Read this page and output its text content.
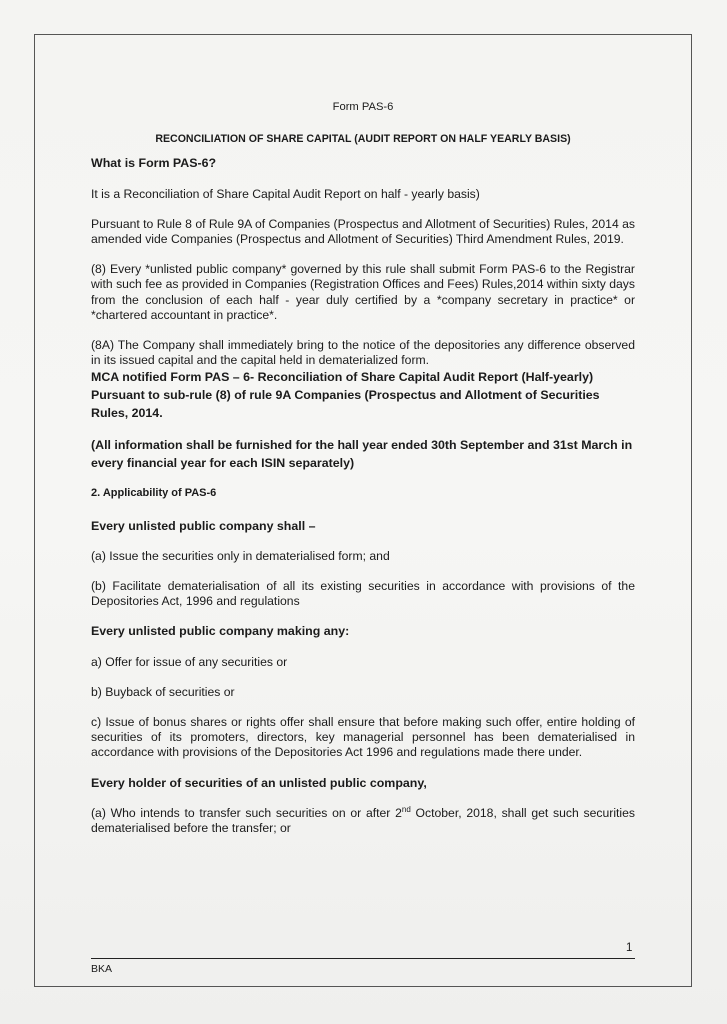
Form PAS-6
RECONCILIATION OF SHARE CAPITAL (AUDIT REPORT ON HALF YEARLY BASIS)
What is Form PAS-6?

It is a Reconciliation of Share Capital Audit Report on half - yearly basis)

Pursuant to Rule 8 of Rule 9A of Companies (Prospectus and Allotment of Securities) Rules, 2014 as amended vide Companies (Prospectus and Allotment of Securities) Third Amendment Rules, 2019.

(8) Every *unlisted public company* governed by this rule shall submit Form PAS-6 to the Registrar with such fee as provided in Companies (Registration Offices and Fees) Rules,2014 within sixty days from the conclusion of each half - year duly certified by a *company secretary in practice* or *chartered accountant in practice*.

(8A) The Company shall immediately bring to the notice of the depositories any difference observed in its issued capital and the capital held in dematerialized form.

MCA notified Form PAS – 6- Reconciliation of Share Capital Audit Report (Half-yearly) Pursuant to sub-rule (8) of rule 9A Companies (Prospectus and Allotment of Securities Rules, 2014.
(All information shall be furnished for the hall year ended 30th September and 31st March in every financial year for each ISIN separately)
2. Applicability of PAS-6
Every unlisted public company shall –

(a) Issue the securities only in dematerialised form; and

(b) Facilitate dematerialisation of all its existing securities in accordance with provisions of the Depositories Act, 1996 and regulations

Every unlisted public company making any:

a) Offer for issue of any securities or

b) Buyback of securities or

c) Issue of bonus shares or rights offer shall ensure that before making such offer, entire holding of securities of its promoters, directors, key managerial personnel has been dematerialised in accordance with provisions of the Depositories Act 1996 and regulations made there under.

Every holder of securities of an unlisted public company,

(a) Who intends to transfer such securities on or after 2nd October, 2018, shall get such securities dematerialised before the transfer; or

1
BKA
